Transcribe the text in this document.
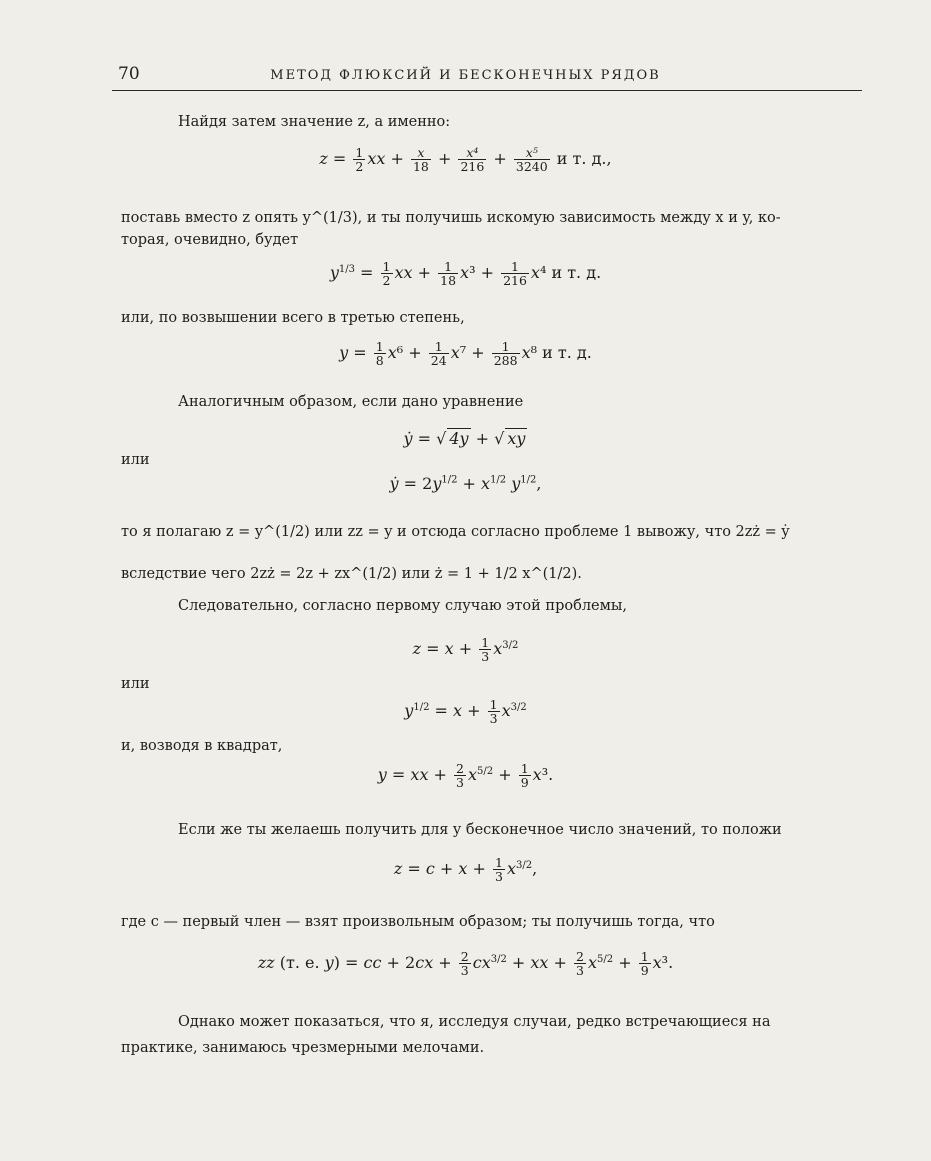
70	МЕТОД ФЛЮКСИЙ И БЕСКОНЕЧНЫХ РЯДОВ
Найдя затем значение z, а именно:
$z = \frac{1}{2}$ xx + $\frac{x}{18} + \frac{\text{x⁴}}{216} + \frac{\text{x⁵}}{3240}$ и т. д.,
поставь вместо z опять y^(1/3), и ты получишь искомую зависимость между x и y, ко-
торая, очевидно, будет
$y^{1/3} = \frac{1}{2}$ xx + $\frac{1}{18} x^3 + \frac{1}{216} x^4$ и т. д.
или, по возвышении всего в третью степень,
$y = \frac{1}{8} x^6 + \frac{1}{24} x^7 + \frac{1}{288} x^8$ и т. д.
Аналогичным образом, если дано уравнение
ẏ = √ 4y + √ xy
или
ẏ = $2y^{1/2} + x^{1/2}$ $y^{1/2}$,
то я полагаю z = y^(1/2) или zz = y и отсюда согласно проблеме 1 вывожу, что 2zż = ẏ
вследствие чего 2zż = 2z + zx^(1/2) или ż = 1 + 1/2 x^(1/2).
Следовательно, согласно первому случаю этой проблемы,
$z = x + \frac{1}{3} x^{3/2}$
или
$y^{1/2} = x + \frac{1}{3} x^{3/2}$
и, возводя в квадрат,
y = xx + $\frac{2}{3} x^{5/2} + \frac{1}{9} x^3$.
Если же ты желаешь получить для y бесконечное число значений, то положи
$z = c + x + \frac{1}{3} x^{3/2}$,
где c — первый член — взят произвольным образом; ты получишь тогда, что
zz (т. е. y) = cc + $2cx + \frac{2}{3} cx^{3/2}$ + xx + $\frac{2}{3} x^{5/2} + \frac{1}{9} x^3$.
Однако может показаться, что я, исследуя случаи, редко встречающиеся на
практике, занимаюсь чрезмерными мелочами.
